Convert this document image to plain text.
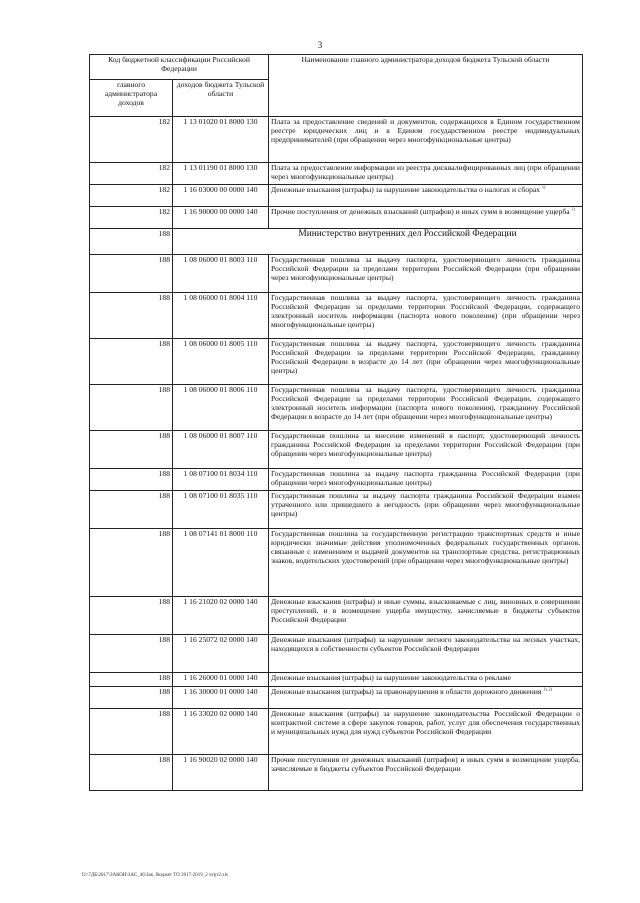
3
Код бюджетной классификации Российской Федерации		Наименование главного администратора доходов бюджета Тульской области
главного администратора доходов	доходов бюджета Тульской области	
182	1 13 01020 01 8000 130	Плата за предоставление сведений и документов, содержащихся в Едином государственном реестре юридических лиц и в Едином государственном реестре индивидуальных предпринимателей (при обращении через многофункциональные центры)
182	1 13 01190 01 8000 130	Плата за предоставление информации из реестра дисквалифицированных лиц (при обращении через многофункциональные центры)
182	1 16 03000 00 0000 140	Денежные взыскания (штрафы) за нарушение законодательства о налогах и сборах $^{1)}$
182	1 16 90000 00 0000 140	Прочие поступления от денежных взысканий (штрафов) и иных сумм в возмещение ущерба $^{1)}$
188	Министерство внутренних дел Российской Федерации	
188	1 08 06000 01 8003 110	Государственная пошлина за выдачу паспорта, удостоверяющего личность гражданина Российской Федерации за пределами территории Российской Федерации (при обращении через многофункциональные центры)
188	1 08 06000 01 8004 110	Государственная пошлина за выдачу паспорта, удостоверяющего личность гражданина Российской Федерации за пределами территории Российской Федерации, содержащего электронный носитель информации (паспорта нового поколения) (при обращении через многофункциональные центры)
188	1 08 06000 01 8005 110	Государственная пошлина за выдачу паспорта, удостоверяющего личность гражданина Российской Федерации за пределами территории Российской Федерации, гражданину Российской Федерации в возрасте до 14 лет (при обращении через многофункциональные центры)
188	1 08 06000 01 8006 110	Государственная пошлина за выдачу паспорта, удостоверяющего личность гражданина Российской Федерации за пределами территории Российской Федерации, содержащего электронный носитель информации (паспорта нового поколения), гражданину Российской Федерации в возрасте до 14 лет (при обращении через многофункциональные центры)
188	1 08 06000 01 8007 110	Государственная пошлина за внесение изменений в паспорт, удостоверяющий личность гражданина Российской Федерации за пределами территории Российской Федерации (при обращении через многофункциональные центры)
188	1 08 07100 01 8034 110	Государственная пошлина за выдачу паспорта гражданина Российской Федерации (при обращении через многофункциональные центры)
188	1 08 07100 01 8035 110	Государственная пошлина за выдачу паспорта гражданина Российской Федерации взамен утраченного или пришедшего в негодность (при обращении через многофункциональные центры)
188	1 08 07141 01 8000 110	Государственная пошлина за государственную регистрацию транспортных средств и иные юридически значимые действия уполномоченных федеральных государственных органов, связанные с изменением и выдачей документов на транспортные средства, регистрационных знаков, водительских удостоверений (при обращении через многофункциональные центры)
188	1 16 21020 02 0000 140	Денежные взыскания (штрафы) и иные суммы, взыскиваемые с лиц, виновных в совершении преступлений, и в возмещение ущерба имуществу, зачисляемые в бюджеты субъектов Российской Федерации
188	1 16 25072 02 0000 140	Денежные взыскания (штрафы) за нарушение лесного законодательства на лесных участках, находящихся в собственности субъектов Российской Федерации
188	1 16 26000 01 0000 140	Денежные взыскания (штрафы) за нарушение законодательства о рекламе
188	1 16 30000 01 0000 140	Денежные взыскания (штрафы) за правонарушения в области дорожного движения $^{1), 2)}$
188	1 16 33020 02 0000 140	Денежные взыскания (штрафы) за нарушение законодательства Российской Федерации о контрактной системе в сфере закупок товаров, работ, услуг для обеспечения государственных и муниципальных нужд для нужд субъектов Российской Федерации
188	1 16 90020 02 0000 140	Прочие поступления от денежных взысканий (штрафов) и иных сумм в возмещение ущерба, зачисляемые в бюджеты субъектов Российской Федерации
D:\7ДБ\2017\ЗАКОН\ЗАС_46\Зак. бюджет ТО 2017-2019_2 чтрт2.xls
